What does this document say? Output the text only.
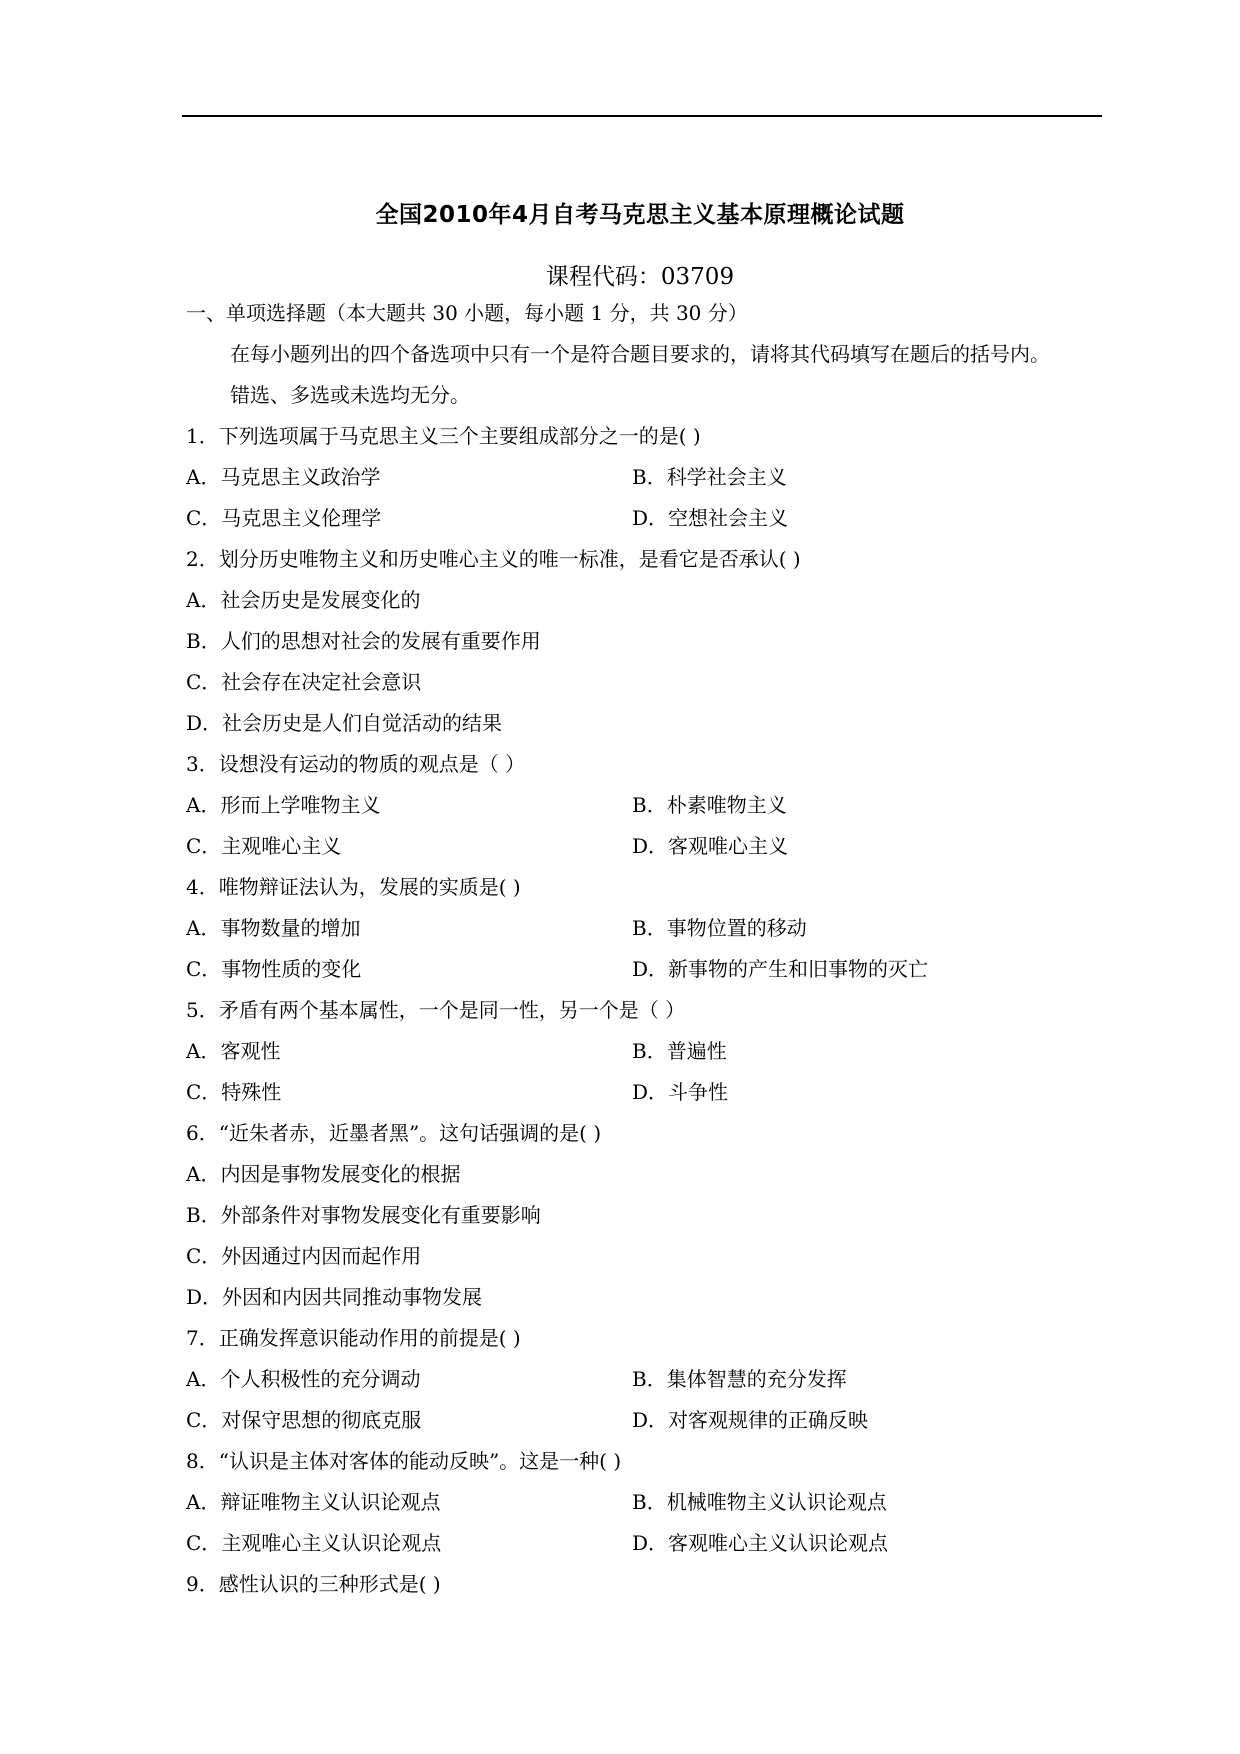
全国2010年4月自考马克思主义基本原理概论试题
课程代码：03709
一、单项选择题（本大题共 30 小题，每小题 1 分，共 30 分）
在每小题列出的四个备选项中只有一个是符合题目要求的，请将其代码填写在题后的括号内。
错选、多选或未选均无分。
1．下列选项属于马克思主义三个主要组成部分之一的是( )
A．马克思主义政治学	B．科学社会主义
C．马克思主义伦理学	D．空想社会主义
2．划分历史唯物主义和历史唯心主义的唯一标准，是看它是否承认( )
A．社会历史是发展变化的
B．人们的思想对社会的发展有重要作用
C．社会存在决定社会意识
D．社会历史是人们自觉活动的结果
3．设想没有运动的物质的观点是（ ）
A．形而上学唯物主义	B．朴素唯物主义
C．主观唯心主义	D．客观唯心主义
4．唯物辩证法认为，发展的实质是( )
A．事物数量的增加	B．事物位置的移动
C．事物性质的变化	D．新事物的产生和旧事物的灭亡
5．矛盾有两个基本属性，一个是同一性，另一个是（ ）
A．客观性	B．普遍性
C．特殊性	D．斗争性
6．“近朱者赤，近墨者黑”。这句话强调的是( )
A．内因是事物发展变化的根据
B．外部条件对事物发展变化有重要影响
C．外因通过内因而起作用
D．外因和内因共同推动事物发展
7．正确发挥意识能动作用的前提是( )
A．个人积极性的充分调动	B．集体智慧的充分发挥
C．对保守思想的彻底克服	D．对客观规律的正确反映
8．“认识是主体对客体的能动反映”。这是一种( )
A．辩证唯物主义认识论观点	B．机械唯物主义认识论观点
C．主观唯心主义认识论观点	D．客观唯心主义认识论观点
9．感性认识的三种形式是( )
